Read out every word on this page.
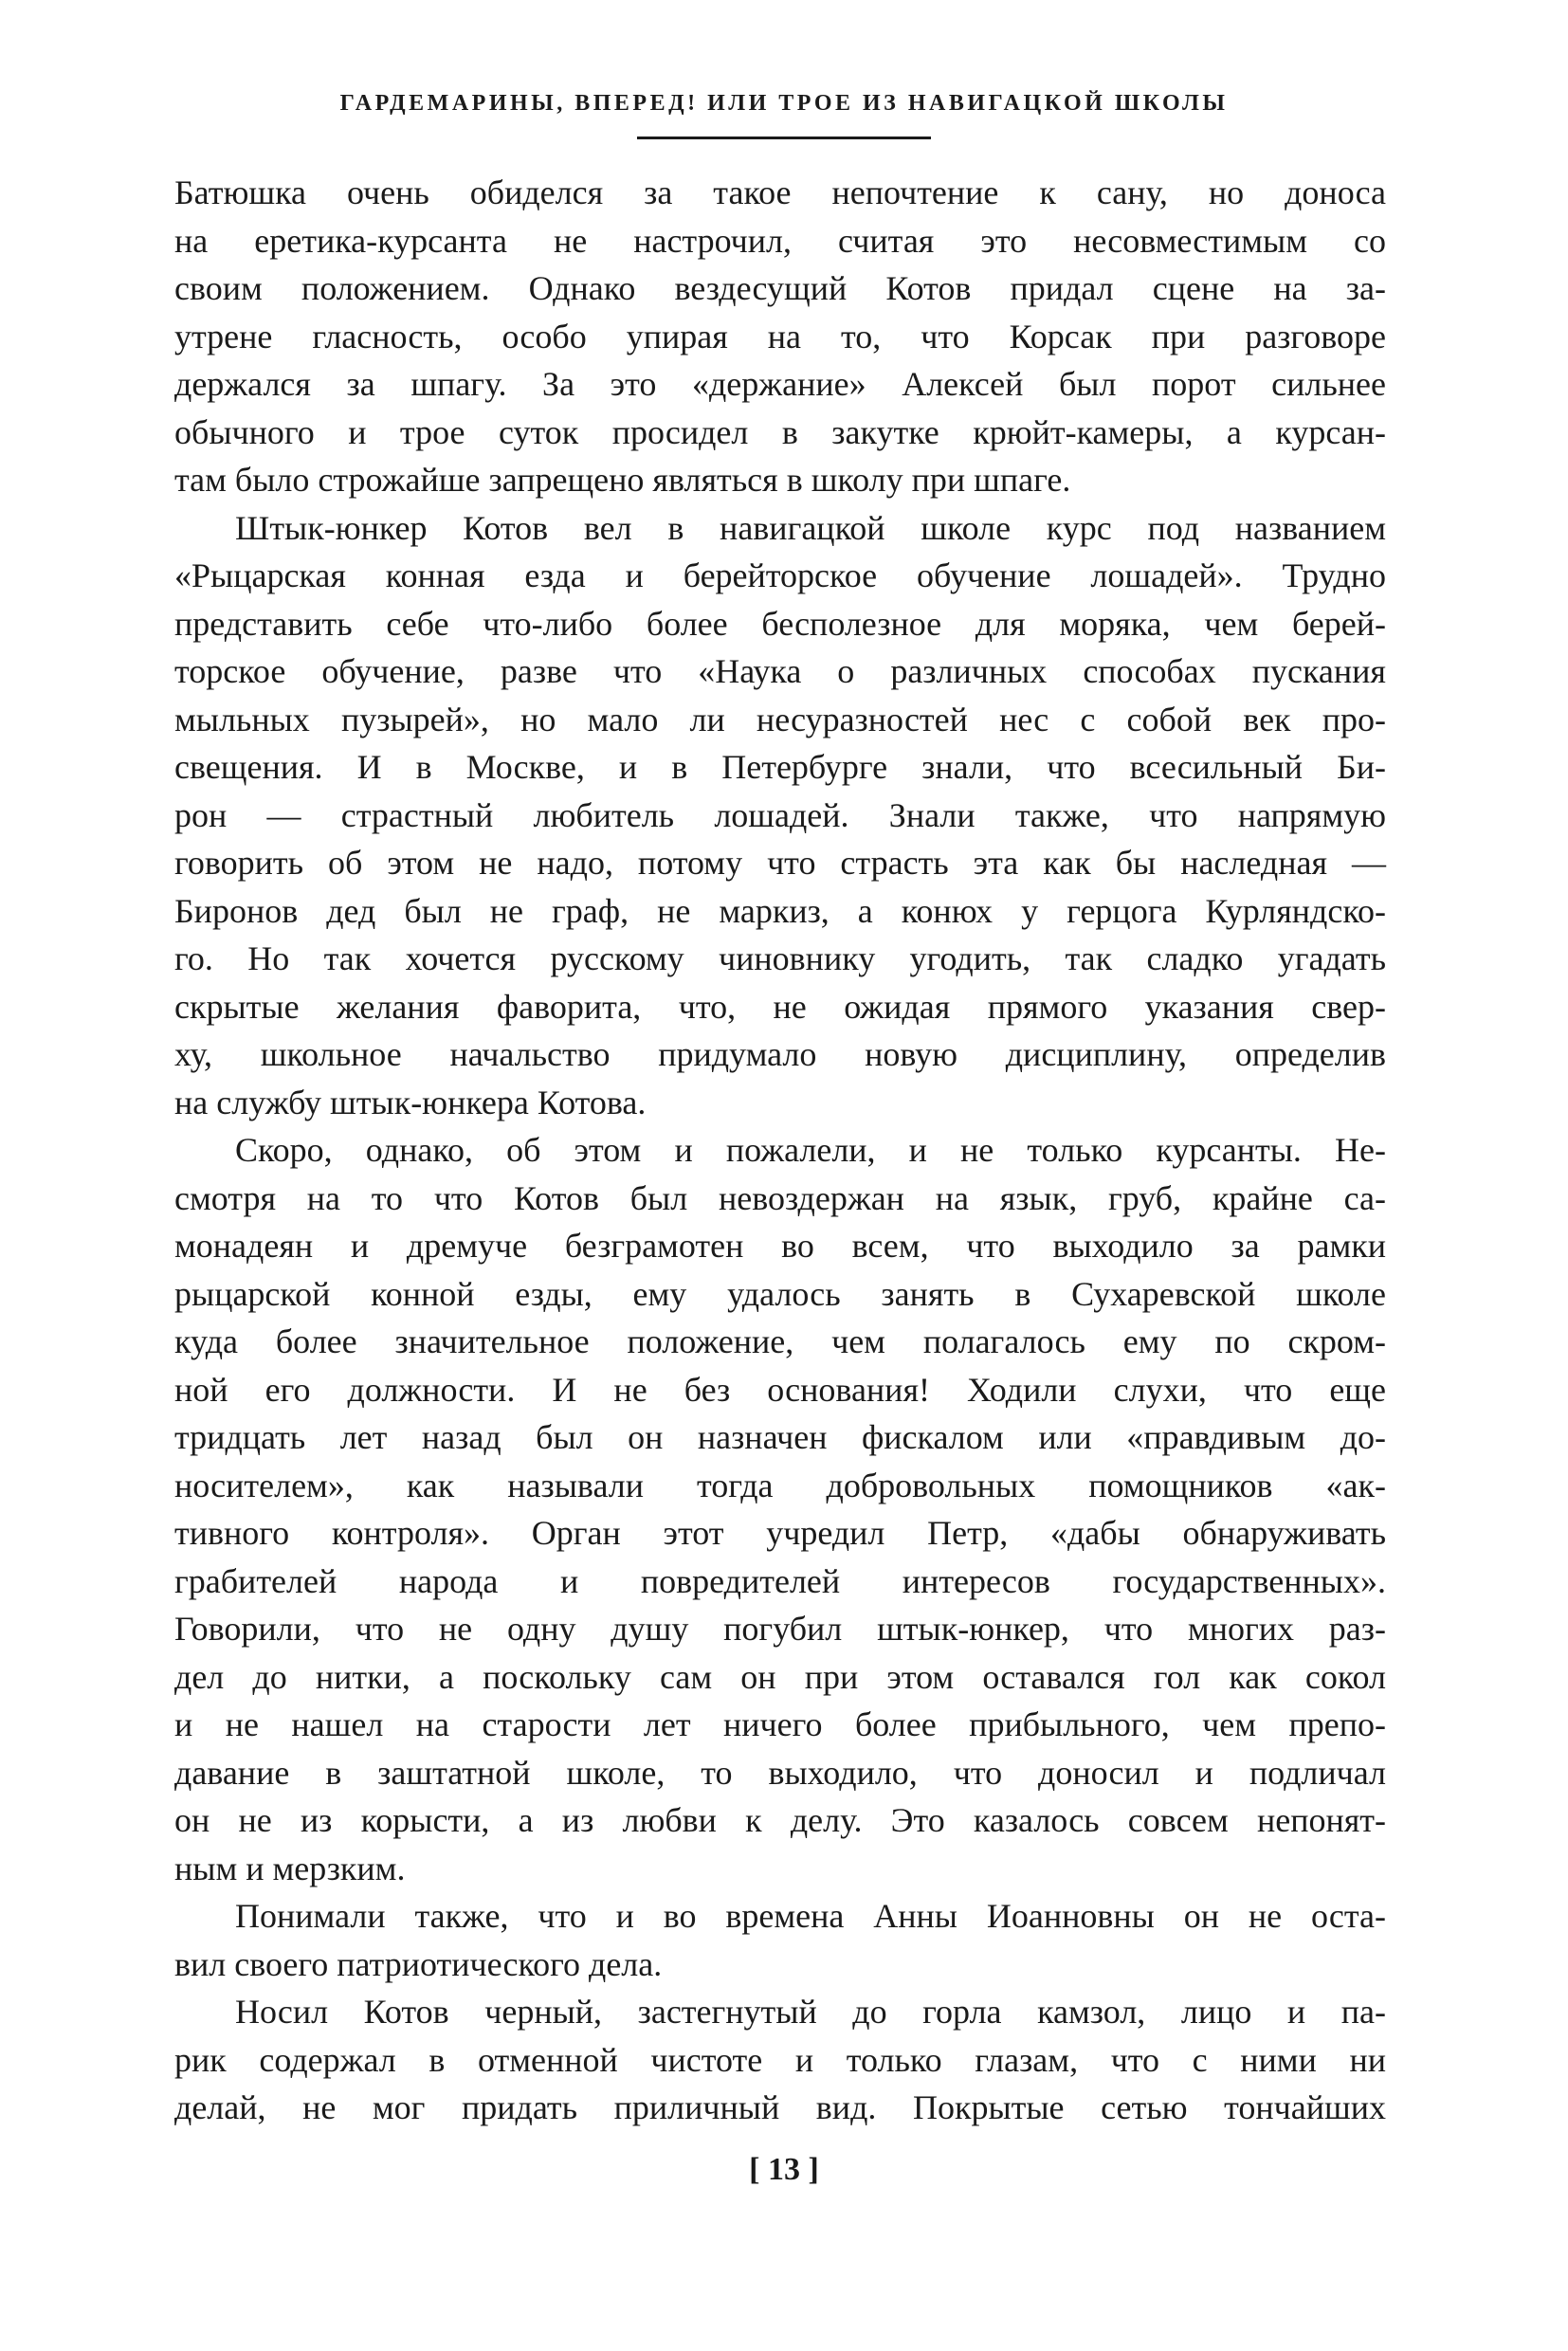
ГАРДЕМАРИНЫ, ВПЕРЕД! ИЛИ ТРОЕ ИЗ НАВИГАЦКОЙ ШКОЛЫ
Батюшка очень обиделся за такое непочтение к сану, но доноса
на еретика-курсанта не настрочил, считая это несовместимым со
своим положением. Однако вездесущий Котов придал сцене на за-
утрене гласность, особо упирая на то, что Корсак при разговоре
держался за шпагу. За это «держание» Алексей был порот сильнее
обычного и трое суток просидел в закутке крюйт-камеры, а курсан-
там было строжайше запрещено являться в школу при шпаге.
Штык-юнкер Котов вел в навигацкой школе курс под названием
«Рыцарская конная езда и берейторское обучение лошадей». Трудно
представить себе что-либо более бесполезное для моряка, чем берей-
торское обучение, разве что «Наука о различных способах пускания
мыльных пузырей», но мало ли несуразностей нес с собой век про-
свещения. И в Москве, и в Петербурге знали, что всесильный Би-
рон — страстный любитель лошадей. Знали также, что напрямую
говорить об этом не надо, потому что страсть эта как бы наследная —
Биронов дед был не граф, не маркиз, а конюх у герцога Курляндско-
го. Но так хочется русскому чиновнику угодить, так сладко угадать
скрытые желания фаворита, что, не ожидая прямого указания свер-
ху, школьное начальство придумало новую дисциплину, определив
на службу штык-юнкера Котова.
Скоро, однако, об этом и пожалели, и не только курсанты. Не-
смотря на то что Котов был невоздержан на язык, груб, крайне са-
монадеян и дремуче безграмотен во всем, что выходило за рамки
рыцарской конной езды, ему удалось занять в Сухаревской школе
куда более значительное положение, чем полагалось ему по скром-
ной его должности. И не без основания! Ходили слухи, что еще
тридцать лет назад был он назначен фискалом или «правдивым до-
носителем», как называли тогда добровольных помощников «ак-
тивного контроля». Орган этот учредил Петр, «дабы обнаруживать
грабителей народа и повредителей интересов государственных».
Говорили, что не одну душу погубил штык-юнкер, что многих раз-
дел до нитки, а поскольку сам он при этом оставался гол как сокол
и не нашел на старости лет ничего более прибыльного, чем препо-
давание в заштатной школе, то выходило, что доносил и подличал
он не из корысти, а из любви к делу. Это казалось совсем непонят-
ным и мерзким.
Понимали также, что и во времена Анны Иоанновны он не оста-
вил своего патриотического дела.
Носил Котов черный, застегнутый до горла камзол, лицо и па-
рик содержал в отменной чистоте и только глазам, что с ними ни
делай, не мог придать приличный вид. Покрытые сетью тончайших
[ 13 ]
